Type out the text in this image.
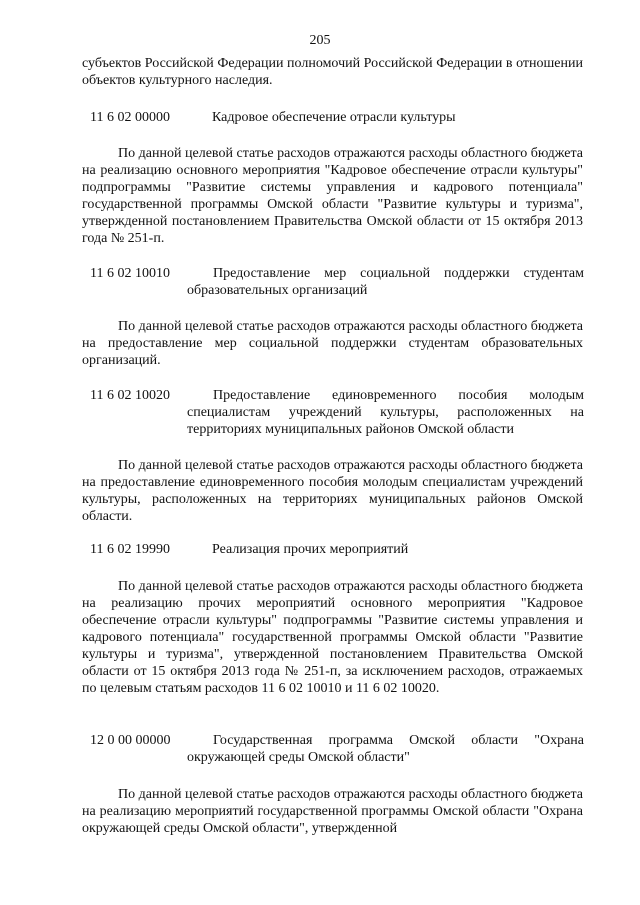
205

субъектов Российской Федерации полномочий Российской Федерации в отношении объектов культурного наследия.

11 6 02 00000	Кадровое обеспечение отрасли культуры

По данной целевой статье расходов отражаются расходы областного бюджета на реализацию основного мероприятия "Кадровое обеспечение отрасли культуры" подпрограммы "Развитие системы управления и кадрового потенциала" государственной программы Омской области "Развитие культуры и туризма", утвержденной постановлением Правительства Омской области от 15 октября 2013 года № 251-п.

11 6 02 10010	Предоставление мер социальной поддержки студентам образовательных организаций

По данной целевой статье расходов отражаются расходы областного бюджета на предоставление мер социальной поддержки студентам образовательных организаций.

11 6 02 10020	Предоставление единовременного пособия молодым специалистам учреждений культуры, расположенных на территориях муниципальных районов Омской области

По данной целевой статье расходов отражаются расходы областного бюджета на предоставление единовременного пособия молодым специалистам учреждений культуры, расположенных на территориях муниципальных районов Омской области.

11 6 02 19990	Реализация прочих мероприятий

По данной целевой статье расходов отражаются расходы областного бюджета на реализацию прочих мероприятий основного мероприятия "Кадровое обеспечение отрасли культуры" подпрограммы "Развитие системы управления и кадрового потенциала" государственной программы Омской области "Развитие культуры и туризма", утвержденной постановлением Правительства Омской области от 15 октября 2013 года № 251-п, за исключением расходов, отражаемых по целевым статьям расходов 11 6 02 10010 и 11 6 02 10020.

12 0 00 00000	Государственная программа Омской области "Охрана окружающей среды Омской области"

По данной целевой статье расходов отражаются расходы областного бюджета на реализацию мероприятий государственной программы Омской области "Охрана окружающей среды Омской области", утвержденной
